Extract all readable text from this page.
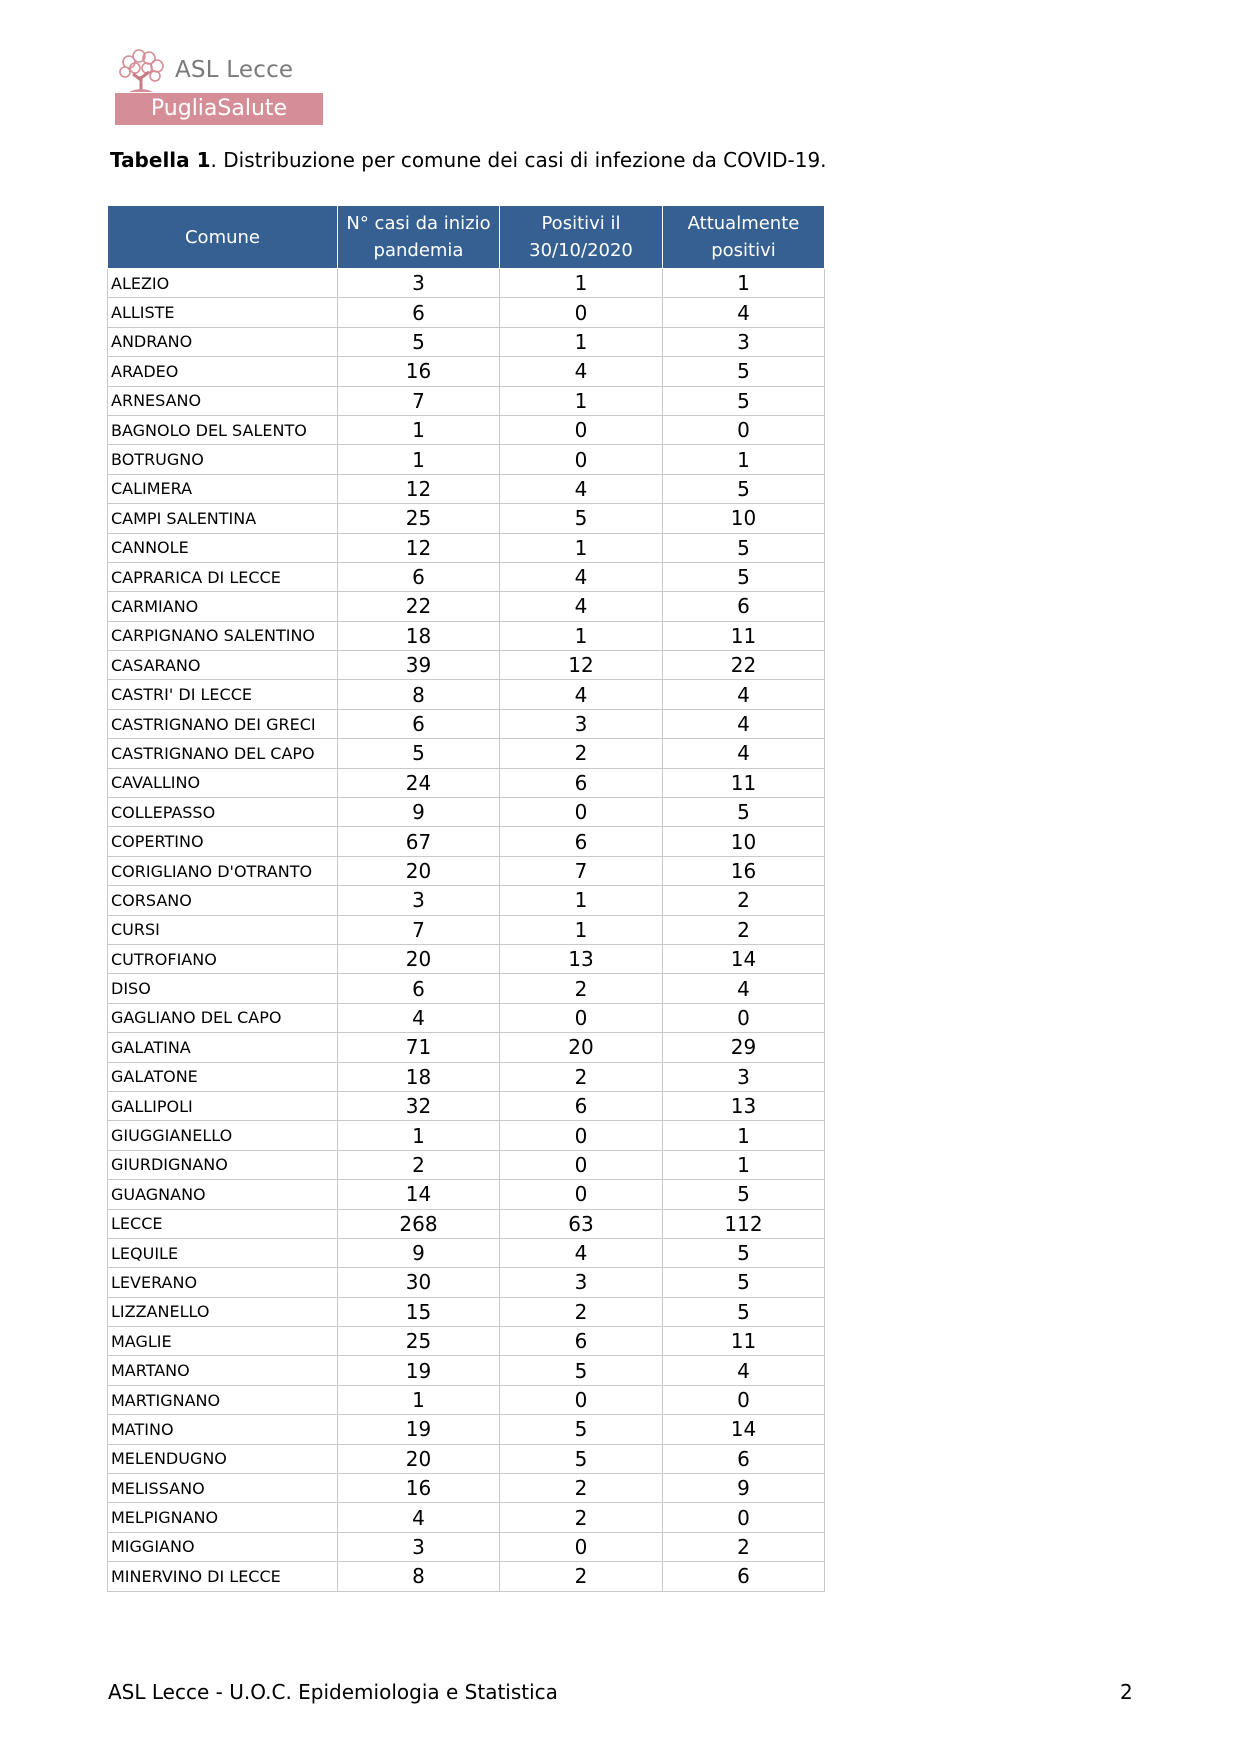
ASL Lecce
PugliaSalute
Tabella 1. Distribuzione per comune dei casi di infezione da COVID-19.
Comune	N° casi da inizio pandemia	Positivi il 30/10/2020	Attualmente positivi
ALEZIO	3	1	1
ALLISTE	6	0	4
ANDRANO	5	1	3
ARADEO	16	4	5
ARNESANO	7	1	5
BAGNOLO DEL SALENTO	1	0	0
BOTRUGNO	1	0	1
CALIMERA	12	4	5
CAMPI SALENTINA	25	5	10
CANNOLE	12	1	5
CAPRARICA DI LECCE	6	4	5
CARMIANO	22	4	6
CARPIGNANO SALENTINO	18	1	11
CASARANO	39	12	22
CASTRI' DI LECCE	8	4	4
CASTRIGNANO DEI GRECI	6	3	4
CASTRIGNANO DEL CAPO	5	2	4
CAVALLINO	24	6	11
COLLEPASSO	9	0	5
COPERTINO	67	6	10
CORIGLIANO D'OTRANTO	20	7	16
CORSANO	3	1	2
CURSI	7	1	2
CUTROFIANO	20	13	14
DISO	6	2	4
GAGLIANO DEL CAPO	4	0	0
GALATINA	71	20	29
GALATONE	18	2	3
GALLIPOLI	32	6	13
GIUGGIANELLO	1	0	1
GIURDIGNANO	2	0	1
GUAGNANO	14	0	5
LECCE	268	63	112
LEQUILE	9	4	5
LEVERANO	30	3	5
LIZZANELLO	15	2	5
MAGLIE	25	6	11
MARTANO	19	5	4
MARTIGNANO	1	0	0
MATINO	19	5	14
MELENDUGNO	20	5	6
MELISSANO	16	2	9
MELPIGNANO	4	2	0
MIGGIANO	3	0	2
MINERVINO DI LECCE	8	2	6
ASL Lecce - U.O.C. Epidemiologia e Statistica	2
